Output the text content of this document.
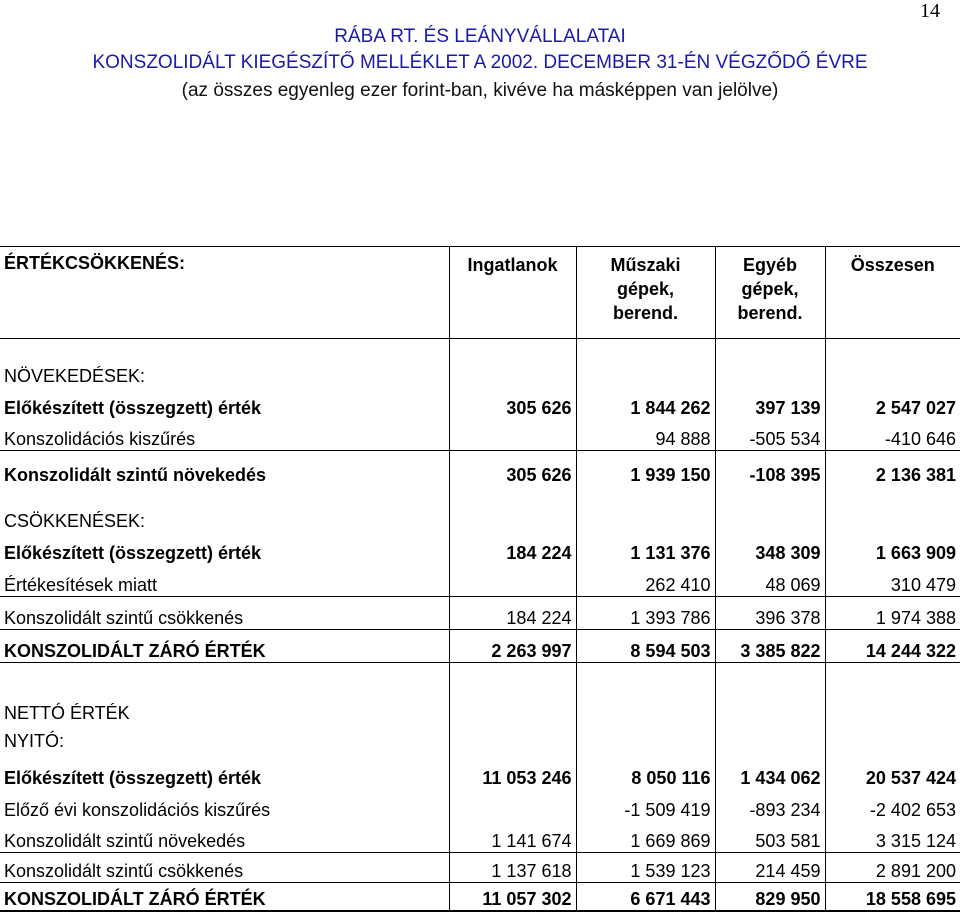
14
RÁBA RT. ÉS LEÁNYVÁLLALATAI
KONSZOLIDÁLT KIEGÉSZÍTŐ MELLÉKLET A 2002. DECEMBER 31-ÉN VÉGZŐDŐ ÉVRE
(az összes egyenleg ezer forint-ban, kivéve ha másképpen van jelölve)
ÉRTÉKCSÖKKENÉS:	Ingatlanok	Műszaki
gépek,
berend.	Egyéb
gépek,
berend.	Összesen
NÖVEKEDÉSEK:				
Előkészített (összegzett) érték	305 626	1 844 262	397 139	2 547 027
Konszolidációs kiszűrés		94 888	-505 534	-410 646
Konszolidált szintű növekedés	305 626	1 939 150	-108 395	2 136 381
CSÖKKENÉSEK:				
Előkészített (összegzett) érték	184 224	1 131 376	348 309	1 663 909
Értékesítések miatt		262 410	48 069	310 479
Konszolidált szintű csökkenés	184 224	1 393 786	396 378	1 974 388
KONSZOLIDÁLT ZÁRÓ ÉRTÉK	2 263 997	8 594 503	3 385 822	14 244 322
NETTÓ ÉRTÉK
NYITÓ:				
Előkészített (összegzett) érték	11 053 246	8 050 116	1 434 062	20 537 424
Előző évi konszolidációs kiszűrés		-1 509 419	-893 234	-2 402 653
Konszolidált szintű növekedés	1 141 674	1 669 869	503 581	3 315 124
Konszolidált szintű csökkenés	1 137 618	1 539 123	214 459	2 891 200
KONSZOLIDÁLT ZÁRÓ ÉRTÉK	11 057 302	6 671 443	829 950	18 558 695
